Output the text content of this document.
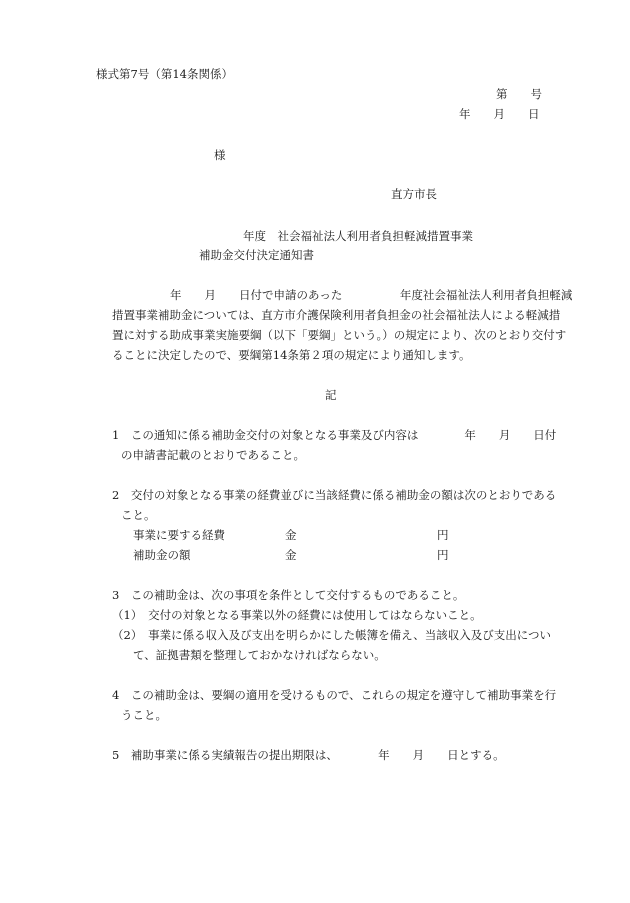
様式第7号（第14条関係）
第　　号
年　　月　　日
様
直方市長
年度　社会福祉法人利用者負担軽減措置事業
補助金交付決定通知書
年　　月　　日付で申請のあった　　　　　年度社会福祉法人利用者負担軽減
措置事業補助金については、直方市介護保険利用者負担金の社会福祉法人による軽減措
置に対する助成事業実施要綱（以下「要綱」という。）の規定により、次のとおり交付す
ることに決定したので、要綱第14条第２項の規定により通知します。
記
1　この通知に係る補助金交付の対象となる事業及び内容は　　　　年　　月　　日付
の申請書記載のとおりであること。
2　交付の対象となる事業の経費並びに当該経費に係る補助金の額は次のとおりである
こと。
事業に要する経費	金	円
補助金の額	金	円
3　この補助金は、次の事項を条件として交付するものであること。
（1）　交付の対象となる事業以外の経費には使用してはならないこと。
（2）　事業に係る収入及び支出を明らかにした帳簿を備え、当該収入及び支出につい
て、証拠書類を整理しておかなければならない。
4　この補助金は、要綱の適用を受けるもので、これらの規定を遵守して補助事業を行
うこと。
5　補助事業に係る実績報告の提出期限は、　　　　年　　月　　日とする。
